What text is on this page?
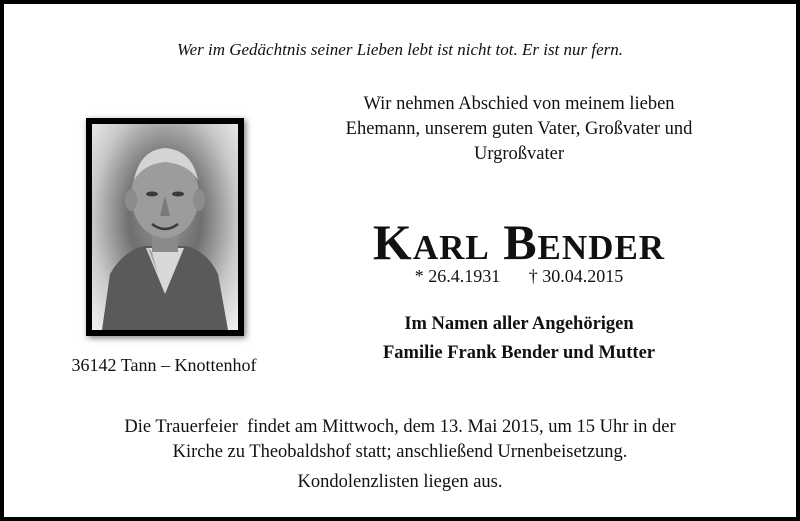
Wer im Gedächtnis seiner Lieben lebt ist nicht tot. Er ist nur fern.
36142 Tann – Knottenhof
Wir nehmen Abschied von meinem lieben
Ehemann, unserem guten Vater, Großvater und
Urgroßvater
Karl Bender
* 26.4.1931 † 30.04.2015
Im Namen aller Angehörigen
Familie Frank Bender und Mutter
Die Trauerfeier  findet am Mittwoch, dem 13. Mai 2015, um 15 Uhr in der
Kirche zu Theobaldshof statt; anschließend Urnenbeisetzung.
Kondolenzlisten liegen aus.
